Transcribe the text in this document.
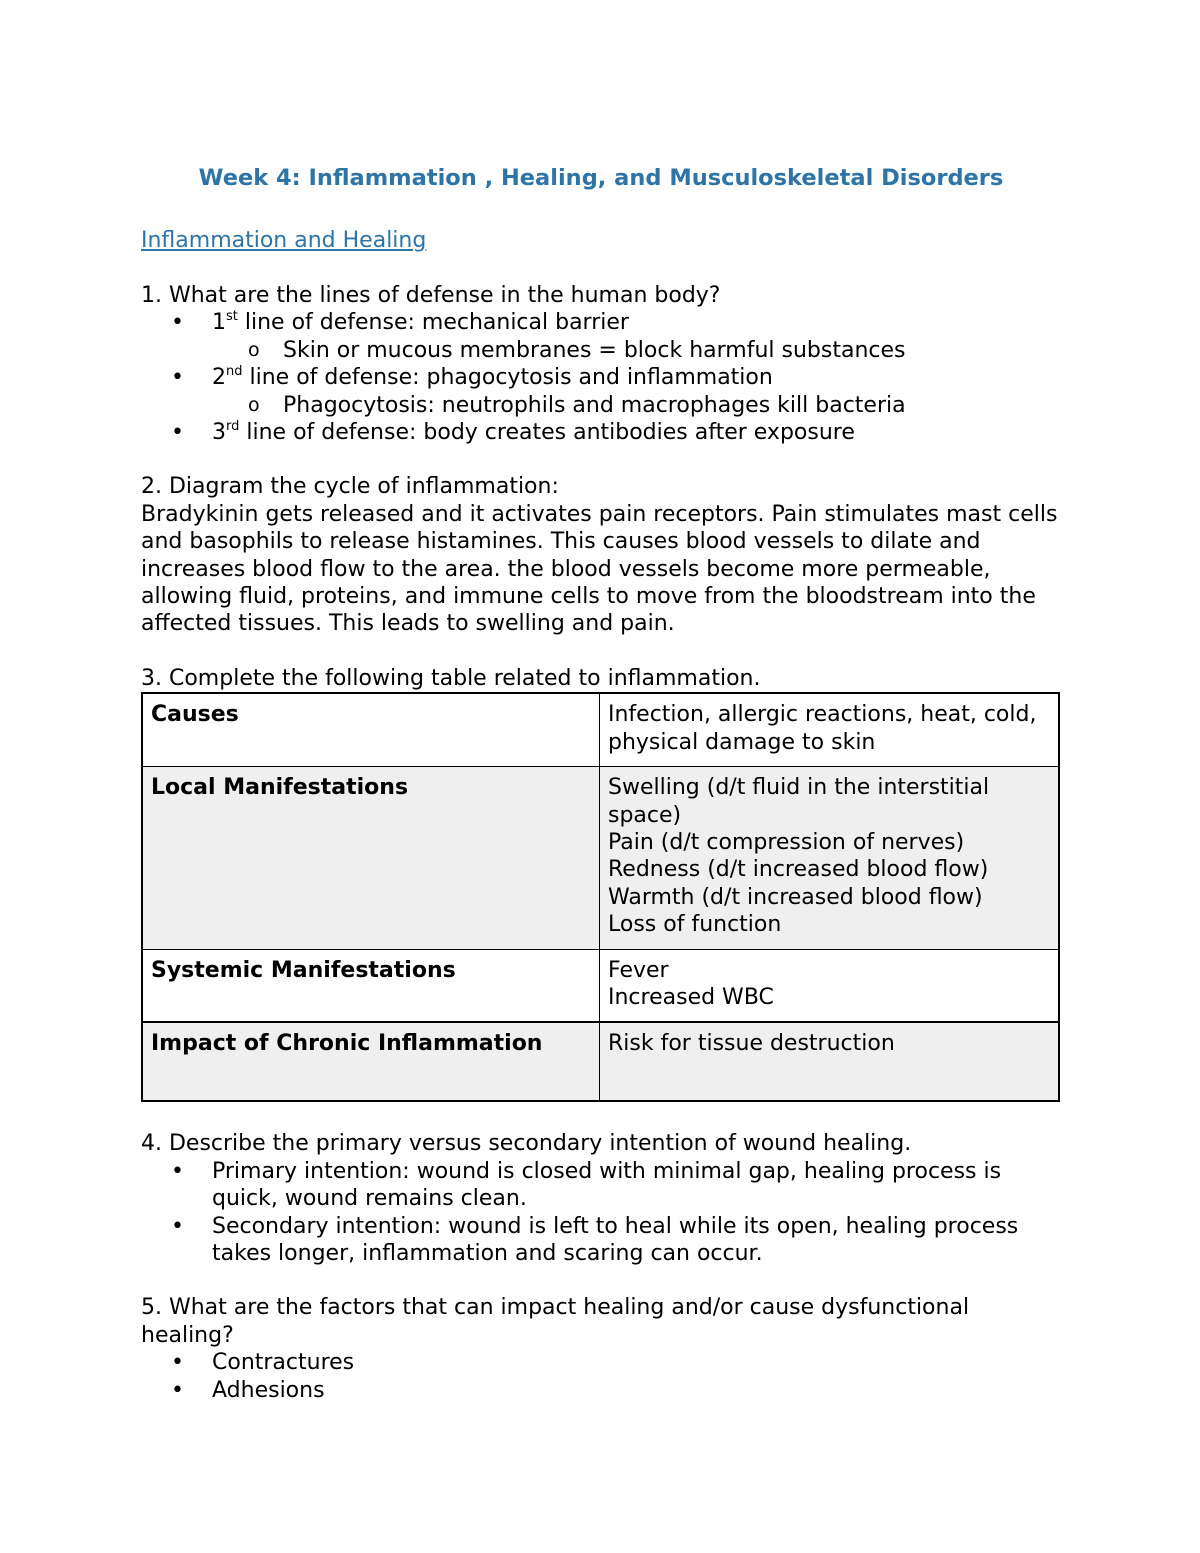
Week 4: Inflammation , Healing, and Musculoskeletal Disorders
Inflammation and Healing

1. What are the lines of defense in the human body?

• 1st line of defense: mechanical barrier
o Skin or mucous membranes = block harmful substances
• 2nd line of defense: phagocytosis and inflammation
o Phagocytosis: neutrophils and macrophages kill bacteria
• 3rd line of defense: body creates antibodies after exposure

2. Diagram the cycle of inflammation:

Bradykinin gets released and it activates pain receptors. Pain stimulates mast cells and basophils to release histamines. This causes blood vessels to dilate and increases blood flow to the area. the blood vessels become more permeable, allowing fluid, proteins, and immune cells to move from the bloodstream into the affected tissues. This leads to swelling and pain.

3. Complete the following table related to inflammation.

Causes	Infection, allergic reactions, heat, cold, physical damage to skin

Local Manifestations	Swelling (d/t fluid in the interstitial space)
Pain (d/t compression of nerves)
Redness (d/t increased blood flow)
Warmth (d/t increased blood flow)
Loss of function

Systemic Manifestations	Fever
Increased WBC

Impact of Chronic Inflammation	Risk for tissue destruction

4. Describe the primary versus secondary intention of wound healing.

• Primary intention: wound is closed with minimal gap, healing process is quick, wound remains clean.
• Secondary intention: wound is left to heal while its open, healing process takes longer, inflammation and scaring can occur.

5. What are the factors that can impact healing and/or cause dysfunctional healing?

• Contractures
• Adhesions
